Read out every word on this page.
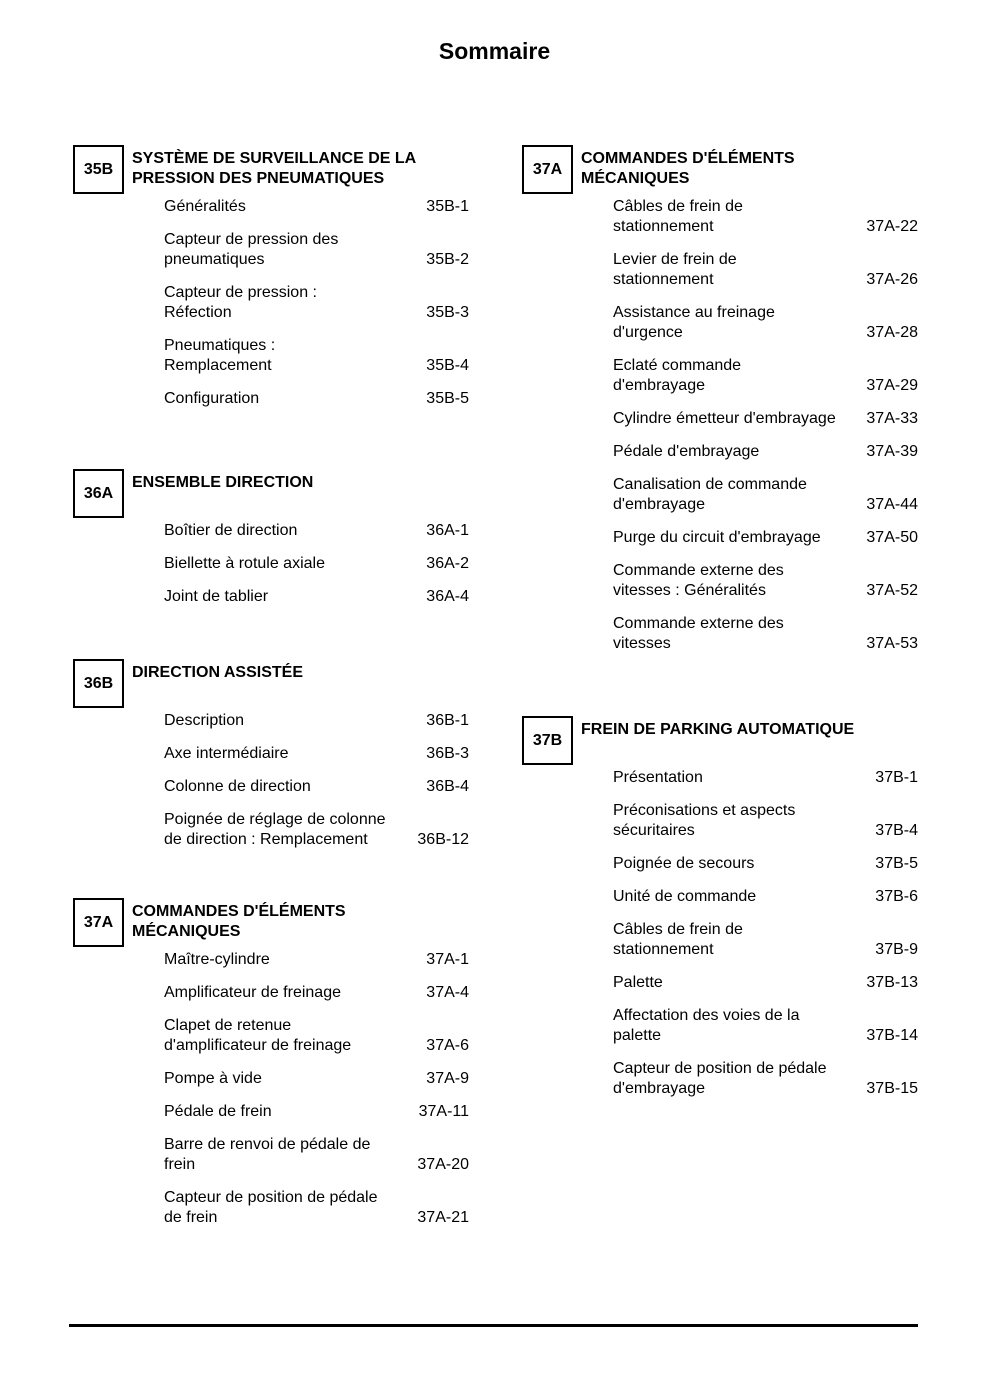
Sommaire
35B
SYSTÈME DE SURVEILLANCE DE LA
PRESSION DES PNEUMATIQUES
Généralités	35B-1
Capteur de pression des
pneumatiques	35B-2
Capteur de pression :
Réfection	35B-3
Pneumatiques :
Remplacement	35B-4
Configuration	35B-5
36A
ENSEMBLE DIRECTION
Boîtier de direction	36A-1
Biellette à rotule axiale	36A-2
Joint de tablier	36A-4
36B
DIRECTION ASSISTÉE
Description	36B-1
Axe intermédiaire	36B-3
Colonne de direction	36B-4
Poignée de réglage de colonne
de direction : Remplacement	36B-12
37A
COMMANDES D'ÉLÉMENTS
MÉCANIQUES
Maître-cylindre	37A-1
Amplificateur de freinage	37A-4
Clapet de retenue
d'amplificateur de freinage	37A-6
Pompe à vide	37A-9
Pédale de frein	37A-11
Barre de renvoi de pédale de
frein	37A-20
Capteur de position de pédale
de frein	37A-21
37A
COMMANDES D'ÉLÉMENTS
MÉCANIQUES
Câbles de frein de
stationnement	37A-22
Levier de frein de
stationnement	37A-26
Assistance au freinage
d'urgence	37A-28
Eclaté commande
d'embrayage	37A-29
Cylindre émetteur d'embrayage 37A-33
Pédale d'embrayage	37A-39
Canalisation de commande
d'embrayage	37A-44
Purge du circuit d'embrayage	37A-50
Commande externe des
vitesses : Généralités	37A-52
Commande externe des
vitesses	37A-53
37B
FREIN DE PARKING AUTOMATIQUE
Présentation	37B-1
Préconisations et aspects
sécuritaires	37B-4
Poignée de secours	37B-5
Unité de commande	37B-6
Câbles de frein de
stationnement	37B-9
Palette	37B-13
Affectation des voies de la
palette	37B-14
Capteur de position de pédale
d'embrayage	37B-15
